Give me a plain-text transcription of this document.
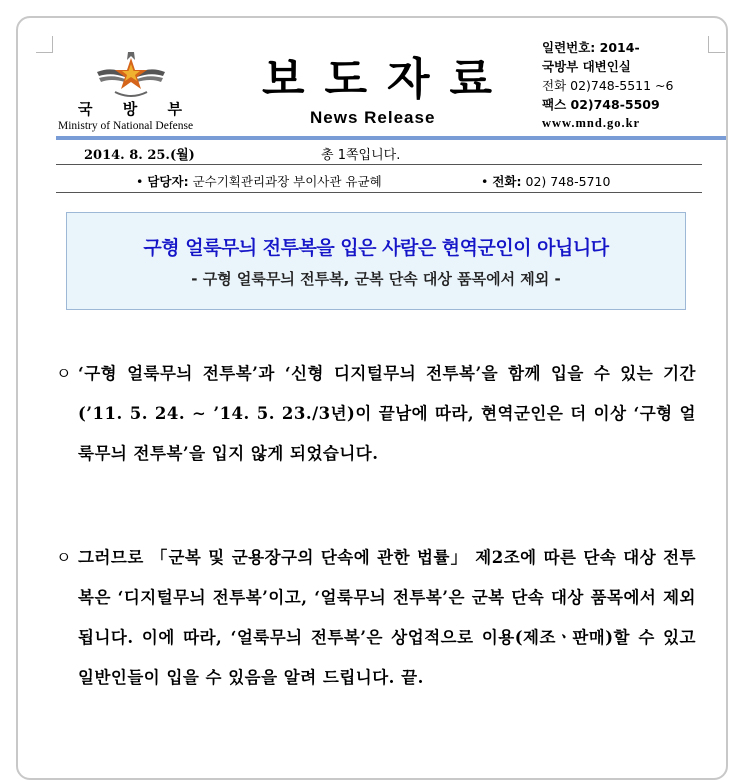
국 방 부
Ministry of National Defense
보도자료
News Release
일련번호: 2014-
국방부 대변인실
전화 02)748-5511 ~6
팩스 02)748-5509
www.mnd.go.kr
2014. 8. 25.(월)	총 1쪽입니다.
• 담당자: 군수기획관리과장 부이사관 유균혜	• 전화: 02) 748-5710
구형 얼룩무늬 전투복을 입은 사람은 현역군인이 아닙니다
- 구형 얼룩무늬 전투복, 군복 단속 대상 품목에서 제외 -
ㅇ ‘구형 얼룩무늬 전투복’과 ‘신형 디지털무늬 전투복’을 함께 입을 수 있는 기간(’11. 5. 24. ∼ ’14. 5. 23./3년)이 끝남에 따라, 현역군인은 더 이상 ‘구형 얼룩무늬 전투복’을 입지 않게 되었습니다.
ㅇ 그러므로 「군복 및 군용장구의 단속에 관한 법률」 제2조에 따른 단속 대상 전투복은 ‘디지털무늬 전투복’이고, ‘얼룩무늬 전투복’은 군복 단속 대상 품목에서 제외됩니다. 이에 따라, ‘얼룩무늬 전투복’은 상업적으로 이용(제조ㆍ판매)할 수 있고 일반인들이 입을 수 있음을 알려 드립니다. 끝.
